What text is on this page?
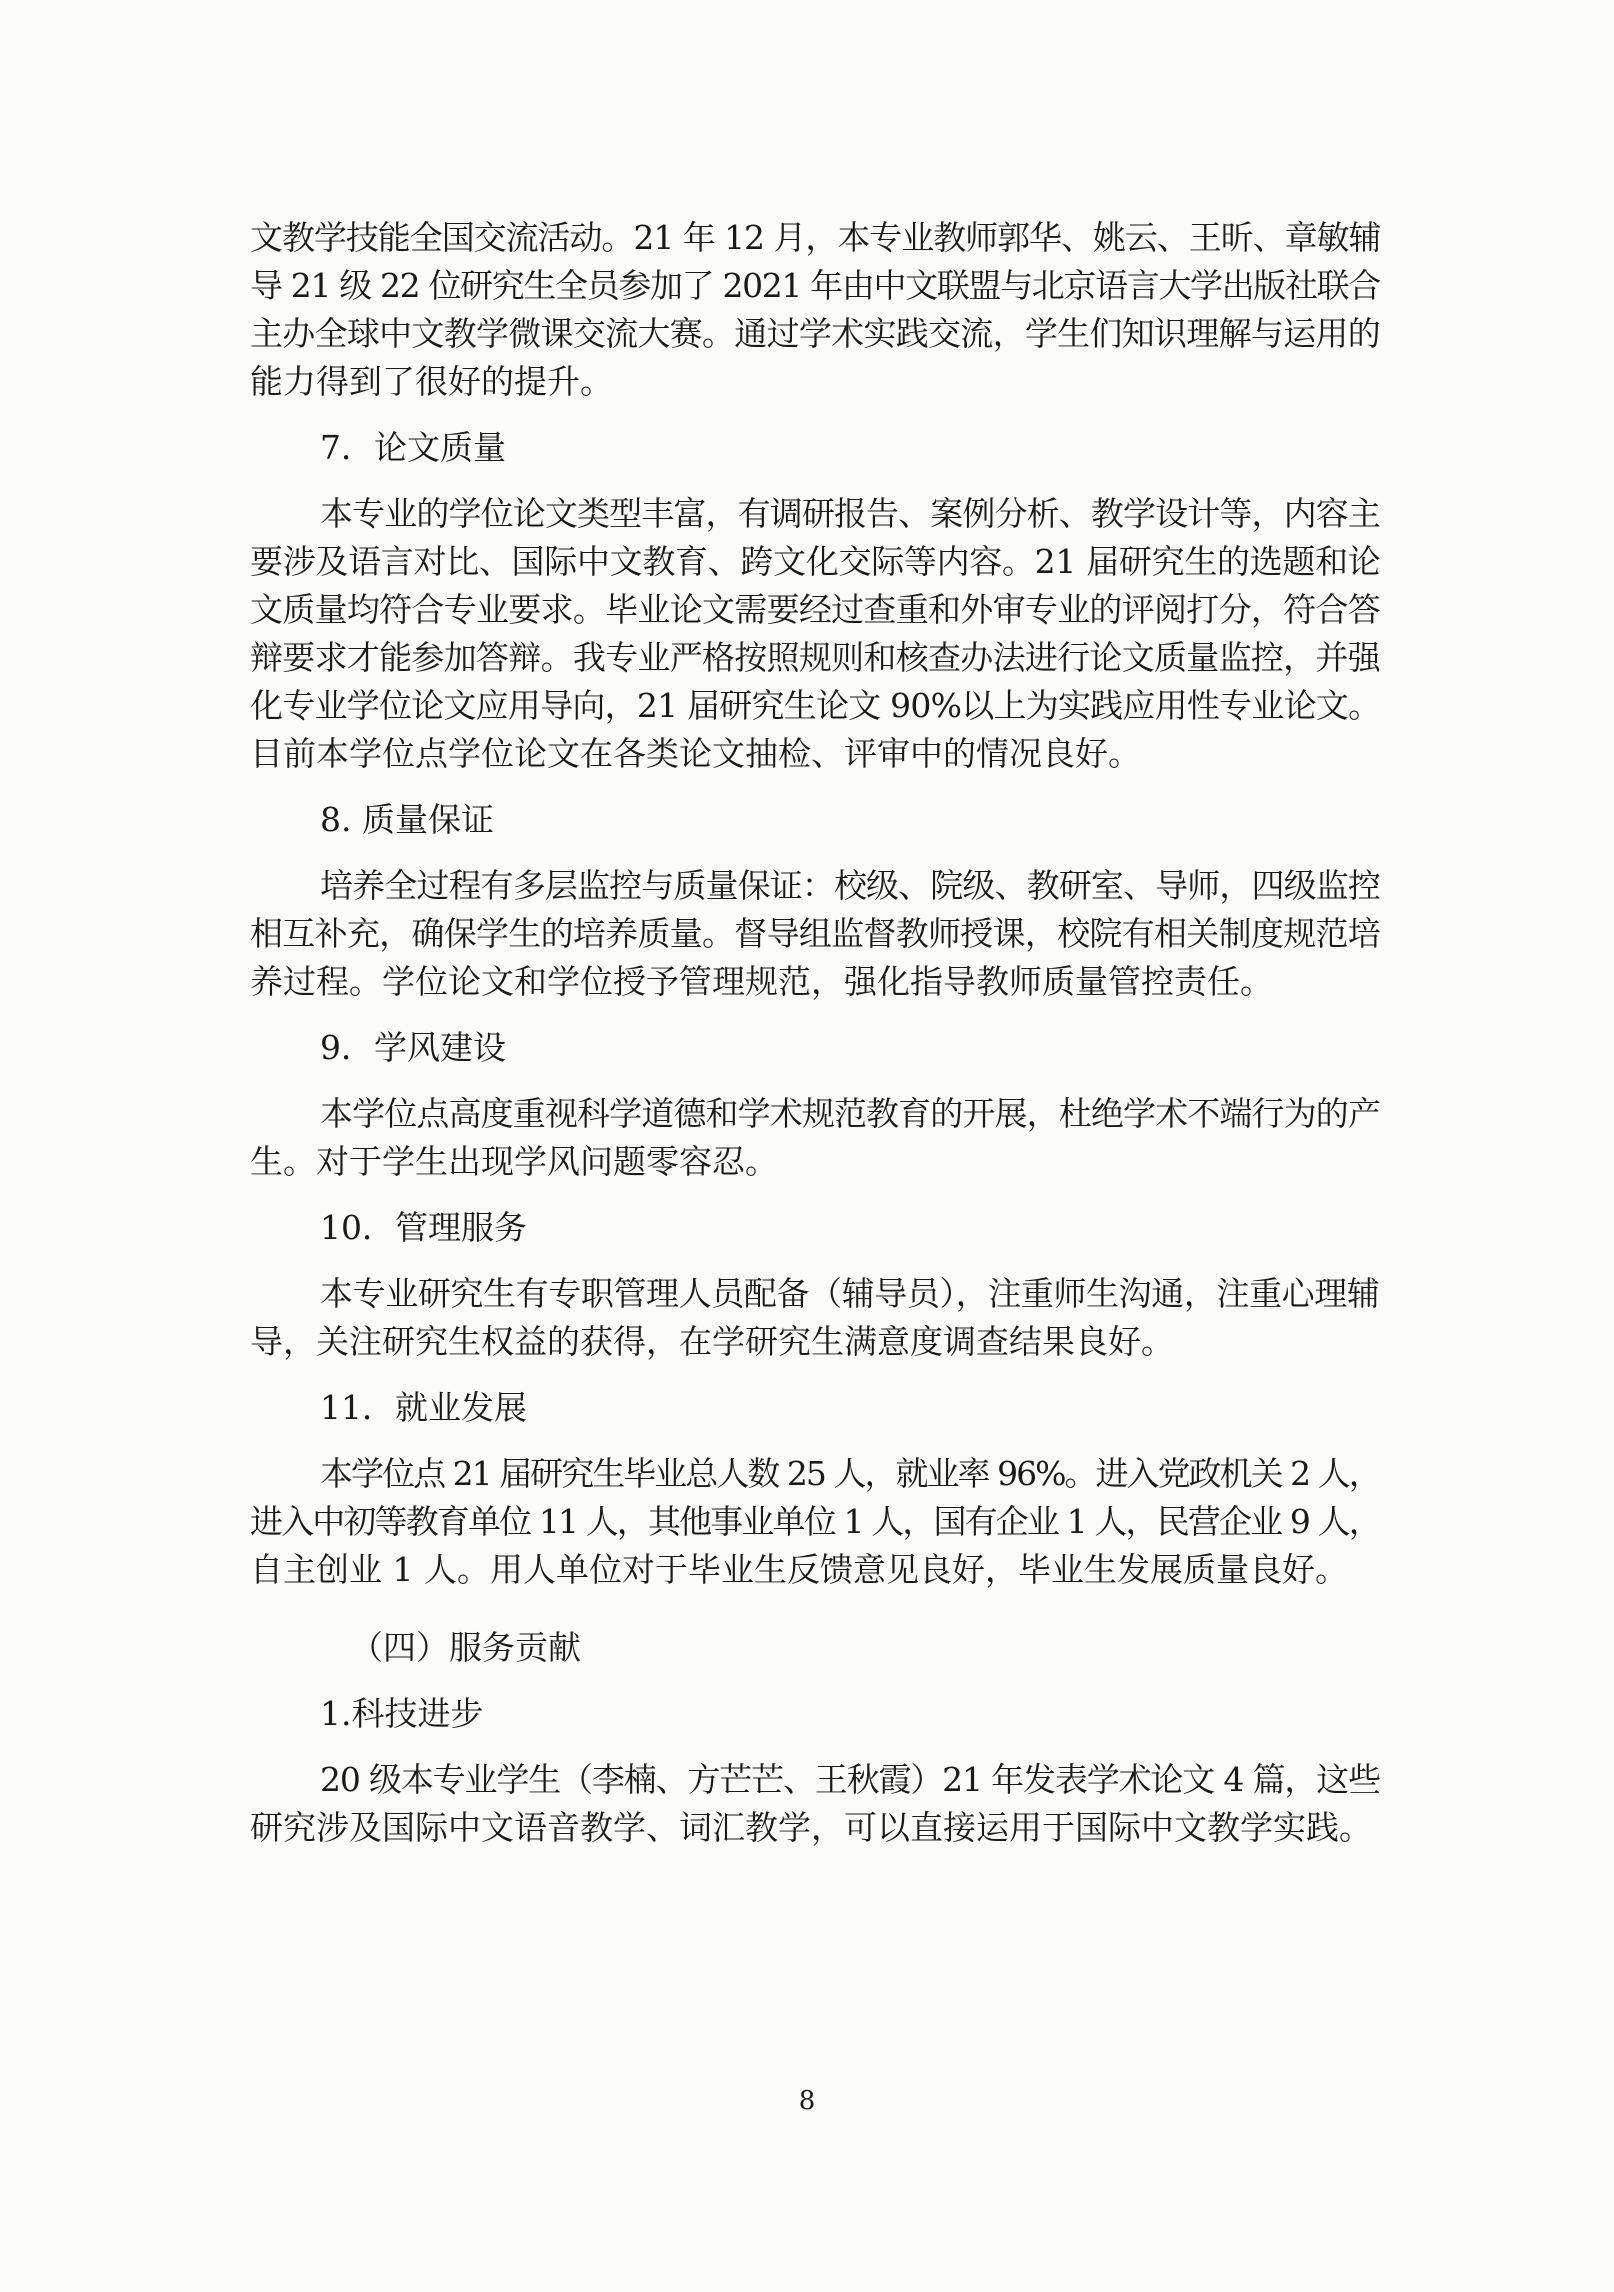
文教学技能全国交流活动。21 年 12 月，本专业教师郭华、姚云、王昕、章敏辅
导 21 级 22 位研究生全员参加了 2021 年由中文联盟与北京语言大学出版社联合
主办全球中文教学微课交流大赛。通过学术实践交流，学生们知识理解与运用的
能力得到了很好的提升。
7．论文质量
本专业的学位论文类型丰富，有调研报告、案例分析、教学设计等，内容主
要涉及语言对比、国际中文教育、跨文化交际等内容。21 届研究生的选题和论
文质量均符合专业要求。毕业论文需要经过查重和外审专业的评阅打分，符合答
辩要求才能参加答辩。我专业严格按照规则和核查办法进行论文质量监控，并强
化专业学位论文应用导向，21 届研究生论文 90%以上为实践应用性专业论文。
目前本学位点学位论文在各类论文抽检、评审中的情况良好。
8. 质量保证
培养全过程有多层监控与质量保证：校级、院级、教研室、导师，四级监控
相互补充，确保学生的培养质量。督导组监督教师授课，校院有相关制度规范培
养过程。学位论文和学位授予管理规范，强化指导教师质量管控责任。
9．学风建设
本学位点高度重视科学道德和学术规范教育的开展，杜绝学术不端行为的产
生。对于学生出现学风问题零容忍。
10．管理服务
本专业研究生有专职管理人员配备（辅导员），注重师生沟通，注重心理辅
导，关注研究生权益的获得，在学研究生满意度调查结果良好。
11．就业发展
本学位点 21 届研究生毕业总人数 25 人，就业率 96%。进入党政机关 2 人，
进入中初等教育单位 11 人，其他事业单位 1 人，国有企业 1 人，民营企业 9 人，
自主创业 1 人。用人单位对于毕业生反馈意见良好，毕业生发展质量良好。
（四）服务贡献
1.科技进步
20 级本专业学生（李楠、方芒芒、王秋霞）21 年发表学术论文 4 篇，这些
研究涉及国际中文语音教学、词汇教学，可以直接运用于国际中文教学实践。
8
